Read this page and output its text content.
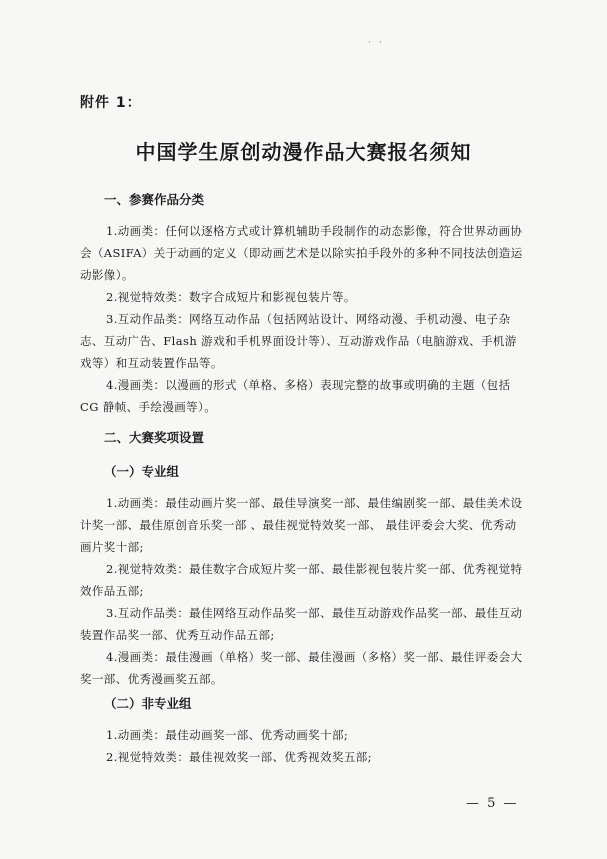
· ·
附件 1：
中国学生原创动漫作品大赛报名须知
一、参赛作品分类
1.动画类：任何以逐格方式或计算机辅助手段制作的动态影像，符合世界动画协会（ASIFA）关于动画的定义（即动画艺术是以除实拍手段外的多种不同技法创造运动影像）。
2.视觉特效类：数字合成短片和影视包装片等。
3.互动作品类：网络互动作品（包括网站设计、网络动漫、手机动漫、电子杂志、互动广告、Flash 游戏和手机界面设计等）、互动游戏作品（电脑游戏、手机游戏等）和互动装置作品等。
4.漫画类：以漫画的形式（单格、多格）表现完整的故事或明确的主题（包括 CG 静帧、手绘漫画等）。
二、大赛奖项设置
（一）专业组
1.动画类：最佳动画片奖一部、最佳导演奖一部、最佳编剧奖一部、最佳美术设计奖一部、最佳原创音乐奖一部 、最佳视觉特效奖一部、 最佳评委会大奖、优秀动画片奖十部;
2.视觉特效类：最佳数字合成短片奖一部、最佳影视包装片奖一部、优秀视觉特效作品五部;
3.互动作品类：最佳网络互动作品奖一部、最佳互动游戏作品奖一部、最佳互动装置作品奖一部、优秀互动作品五部;
4.漫画类：最佳漫画（单格）奖一部、最佳漫画（多格）奖一部、最佳评委会大奖一部、优秀漫画奖五部。
（二）非专业组
1.动画类：最佳动画奖一部、优秀动画奖十部;
2.视觉特效类：最佳视效奖一部、优秀视效奖五部;
— 5 —
